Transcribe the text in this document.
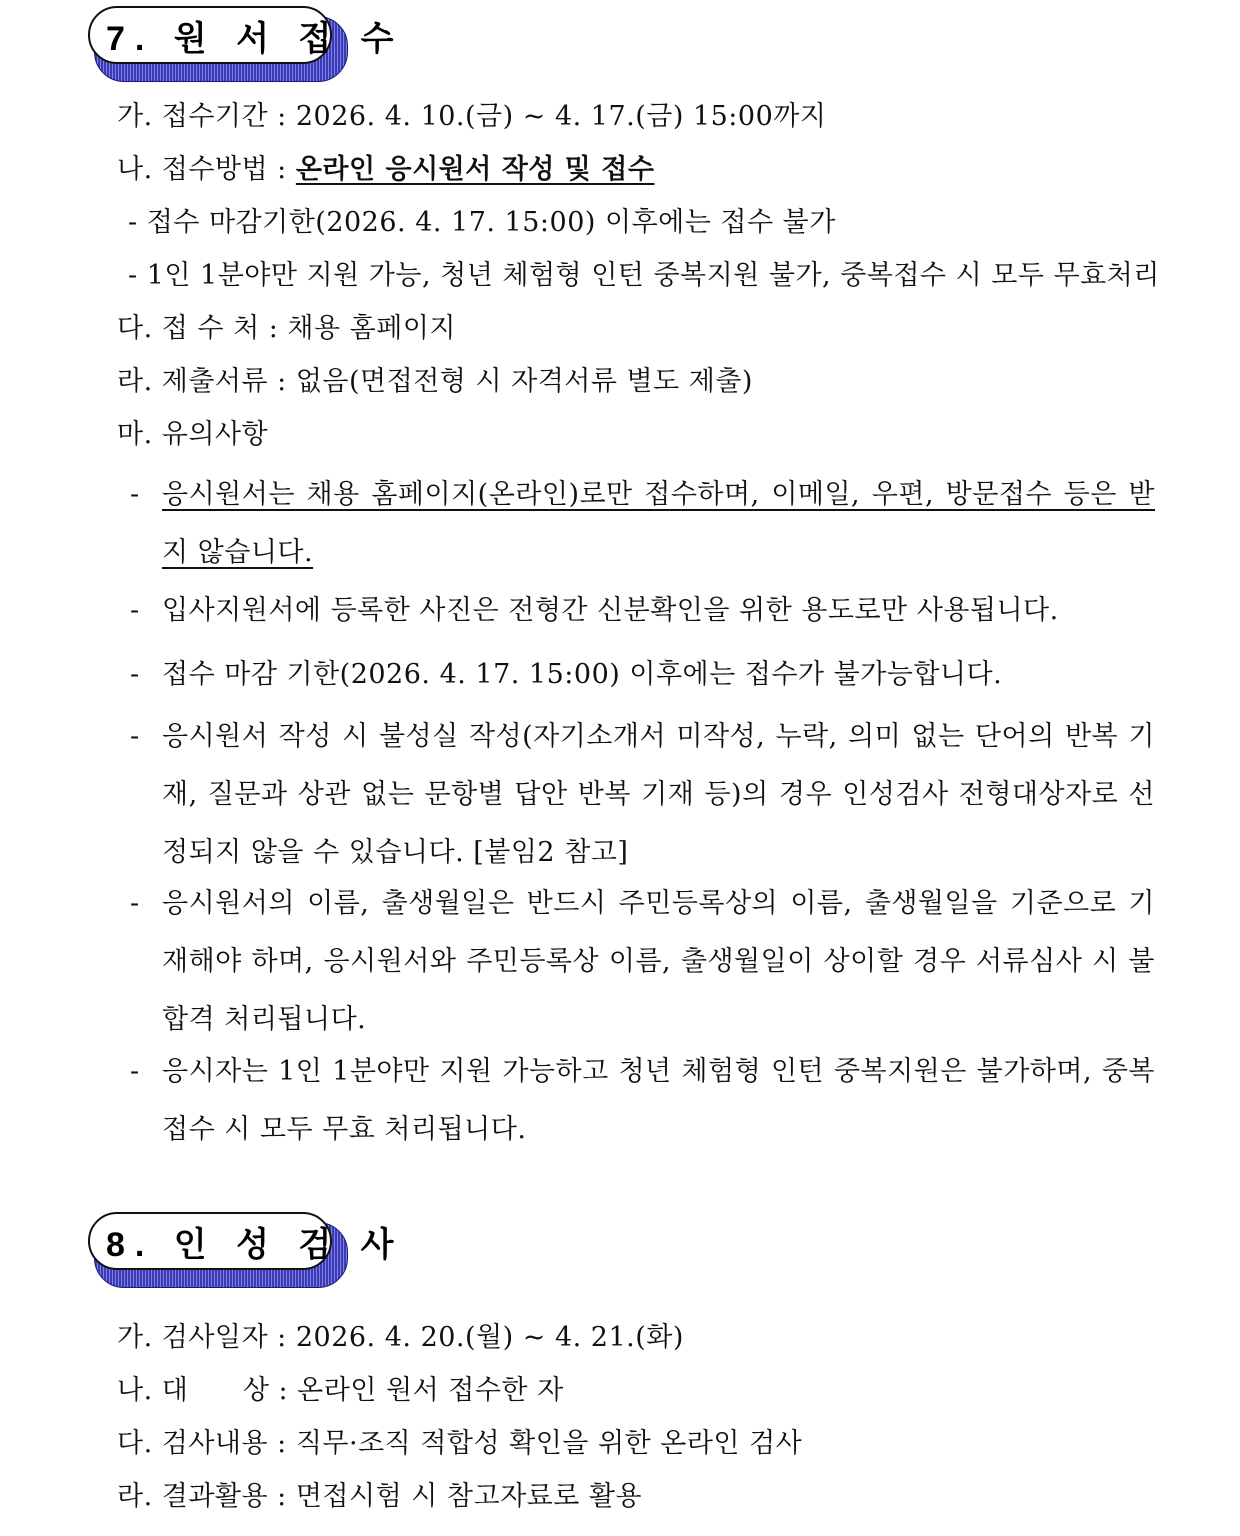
7. 원 서 접 수
가. 접수기간 : 2026. 4. 10.(금) ~ 4. 17.(금) 15:00까지
나. 접수방법 : 온라인 응시원서 작성 및 접수
- 접수 마감기한(2026. 4. 17. 15:00) 이후에는 접수 불가
- 1인 1분야만 지원 가능, 청년 체험형 인턴 중복지원 불가, 중복접수 시 모두 무효처리
다. 접 수 처 : 채용 홈페이지
라. 제출서류 : 없음(면접전형 시 자격서류 별도 제출)
마. 유의사항
- 응시원서는 채용 홈페이지(온라인)로만 접수하며, 이메일, 우편, 방문접수 등은 받지 않습니다.
- 입사지원서에 등록한 사진은 전형간 신분확인을 위한 용도로만 사용됩니다.
- 접수 마감 기한(2026. 4. 17. 15:00) 이후에는 접수가 불가능합니다.
- 응시원서 작성 시 불성실 작성(자기소개서 미작성, 누락, 의미 없는 단어의 반복 기재, 질문과 상관 없는 문항별 답안 반복 기재 등)의 경우 인성검사 전형대상자로 선정되지 않을 수 있습니다. [붙임2 참고]
- 응시원서의 이름, 출생월일은 반드시 주민등록상의 이름, 출생월일을 기준으로 기재해야 하며, 응시원서와 주민등록상 이름, 출생월일이 상이할 경우 서류심사 시 불합격 처리됩니다.
- 응시자는 1인 1분야만 지원 가능하고 청년 체험형 인턴 중복지원은 불가하며, 중복 접수 시 모두 무효 처리됩니다.
8. 인 성 검 사
가. 검사일자 : 2026. 4. 20.(월) ~ 4. 21.(화)
나. 대      상 : 온라인 원서 접수한 자
다. 검사내용 : 직무·조직 적합성 확인을 위한 온라인 검사
라. 결과활용 : 면접시험 시 참고자료로 활용
